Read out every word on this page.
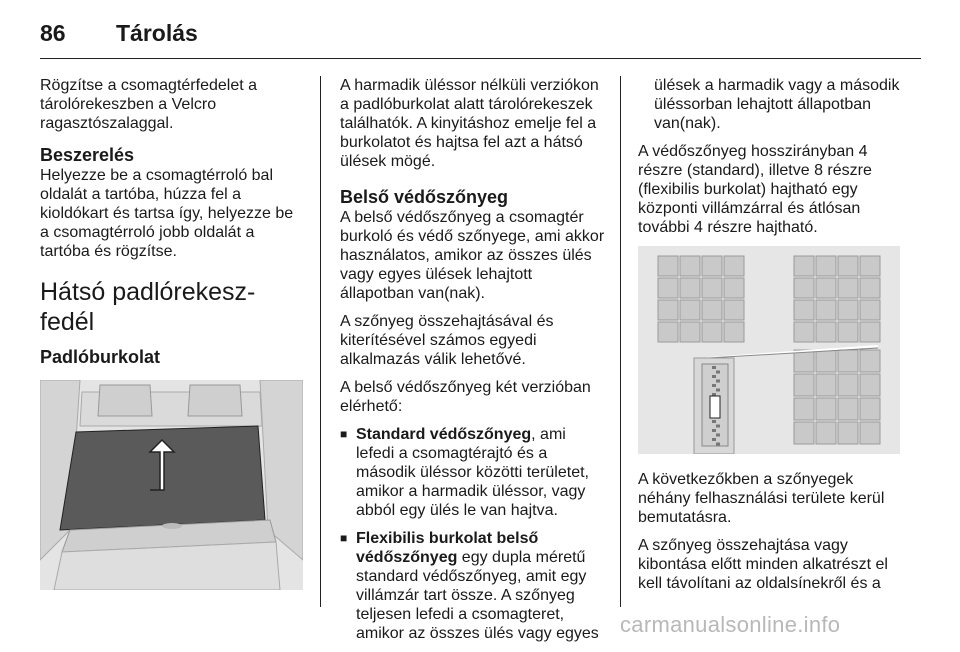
86 Tárolás

Rögzítse a csomagtérfedelet a tárolórekeszben a Velcro ragasztószalaggal.

Beszerelés

Helyezze be a csomagtérroló bal oldalát a tartóba, húzza fel a kioldókart és tartsa így, helyezze be a csomagtérroló jobb oldalát a tartóba és rögzítse.

Hátsó padlórekesz-fedél
Padlóburkolat

A harmadik üléssor nélküli verziókon a padlóburkolat alatt tárolórekeszek találhatók. A kinyitáshoz emelje fel a burkolatot és hajtsa fel azt a hátsó ülések mögé.

Belső védőszőnyeg

A belső védőszőnyeg a csomagtér burkoló és védő szőnyege, ami akkor használatos, amikor az összes ülés vagy egyes ülések lehajtott állapotban van(nak).

A szőnyeg összehajtásával és kiterítésével számos egyedi alkalmazás válik lehetővé.

A belső védőszőnyeg két verzióban elérhető:

■ Standard védőszőnyeg, ami lefedi a csomagtérajtó és a második üléssor közötti területet, amikor a harmadik üléssor, vagy abból egy ülés le van hajtva.
■ Flexibilis burkolat belső védőszőnyeg egy dupla méretű standard védőszőnyeg, amit egy villámzár tart össze. A szőnyeg teljesen lefedi a csomagteret, amikor az összes ülés vagy egyes

ülések a harmadik vagy a második üléssorban lehajtott állapotban van(nak).

A védőszőnyeg hosszirányban 4 részre (standard), illetve 8 részre (flexibilis burkolat) hajtható egy központi villámzárral és átlósan további 4 részre hajtható.

A következőkben a szőnyegek néhány felhasználási területe kerül bemutatásra.

A szőnyeg összehajtása vagy kibontása előtt minden alkatrészt el kell távolítani az oldalsínekről és a

carmanualsonline.info
